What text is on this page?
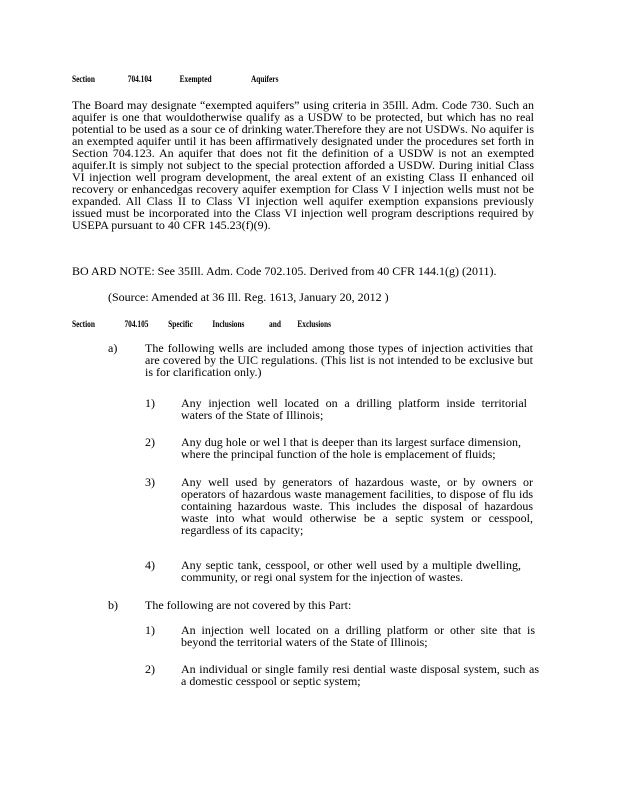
Section	704.104	Exempted	Aquifers
The Board may designate “exempted aquifers” using criteria in 35Ill. Adm. Code 730. Such an aquifer is one that wouldotherwise qualify as a USDW to be protected, but which has no real potential to be used as a sour ce of drinking water.Therefore they are not USDWs. No aquifer is an exempted aquifer until it has been affirmatively designated under the procedures set forth in Section 704.123. An aquifer that does not fit the definition of a USDW is not an exempted aquifer.It is simply not subject to the special protection afforded a USDW. During initial Class VI injection well program development, the areal extent of an existing Class II enhanced oil recovery or enhancedgas recovery aquifer exemption for Class V I injection wells must not be expanded. All Class II to Class VI injection well aquifer exemption expansions previously issued must be incorporated into the Class VI injection well program descriptions required by USEPA pursuant to 40 CFR 145.23(f)(9).
BO ARD NOTE: See 35Ill. Adm. Code 702.105. Derived from 40 CFR 144.1(g) (2011).
(Source: Amended at 36 Ill. Reg. 1613, January 20, 2012 )
Section	704.105 Specific Inclusions	and Exclusions
a) The following wells are included among those types of injection activities that are covered by the UIC regulations. (This list is not intended to be exclusive but is for clarification only.)
1) Any injection well located on a drilling platform inside territorial waters of the State of Illinois;
2) Any dug hole or wel l that is deeper than its largest surface dimension, where the principal function of the hole is emplacement of fluids;
3) Any well used by generators of hazardous waste, or by owners or operators of hazardous waste management facilities, to dispose of flu ids containing hazardous waste. This includes the disposal of hazardous waste into what would otherwise be a septic system or cesspool, regardless of its capacity;
4) Any septic tank, cesspool, or other well used by a multiple dwelling, community, or regi onal system for the injection of wastes.
b) The following are not covered by this Part:
1) An injection well located on a drilling platform or other site that is beyond the territorial waters of the State of Illinois;
2) An individual or single family resi dential waste disposal system, such as a domestic cesspool or septic system;
